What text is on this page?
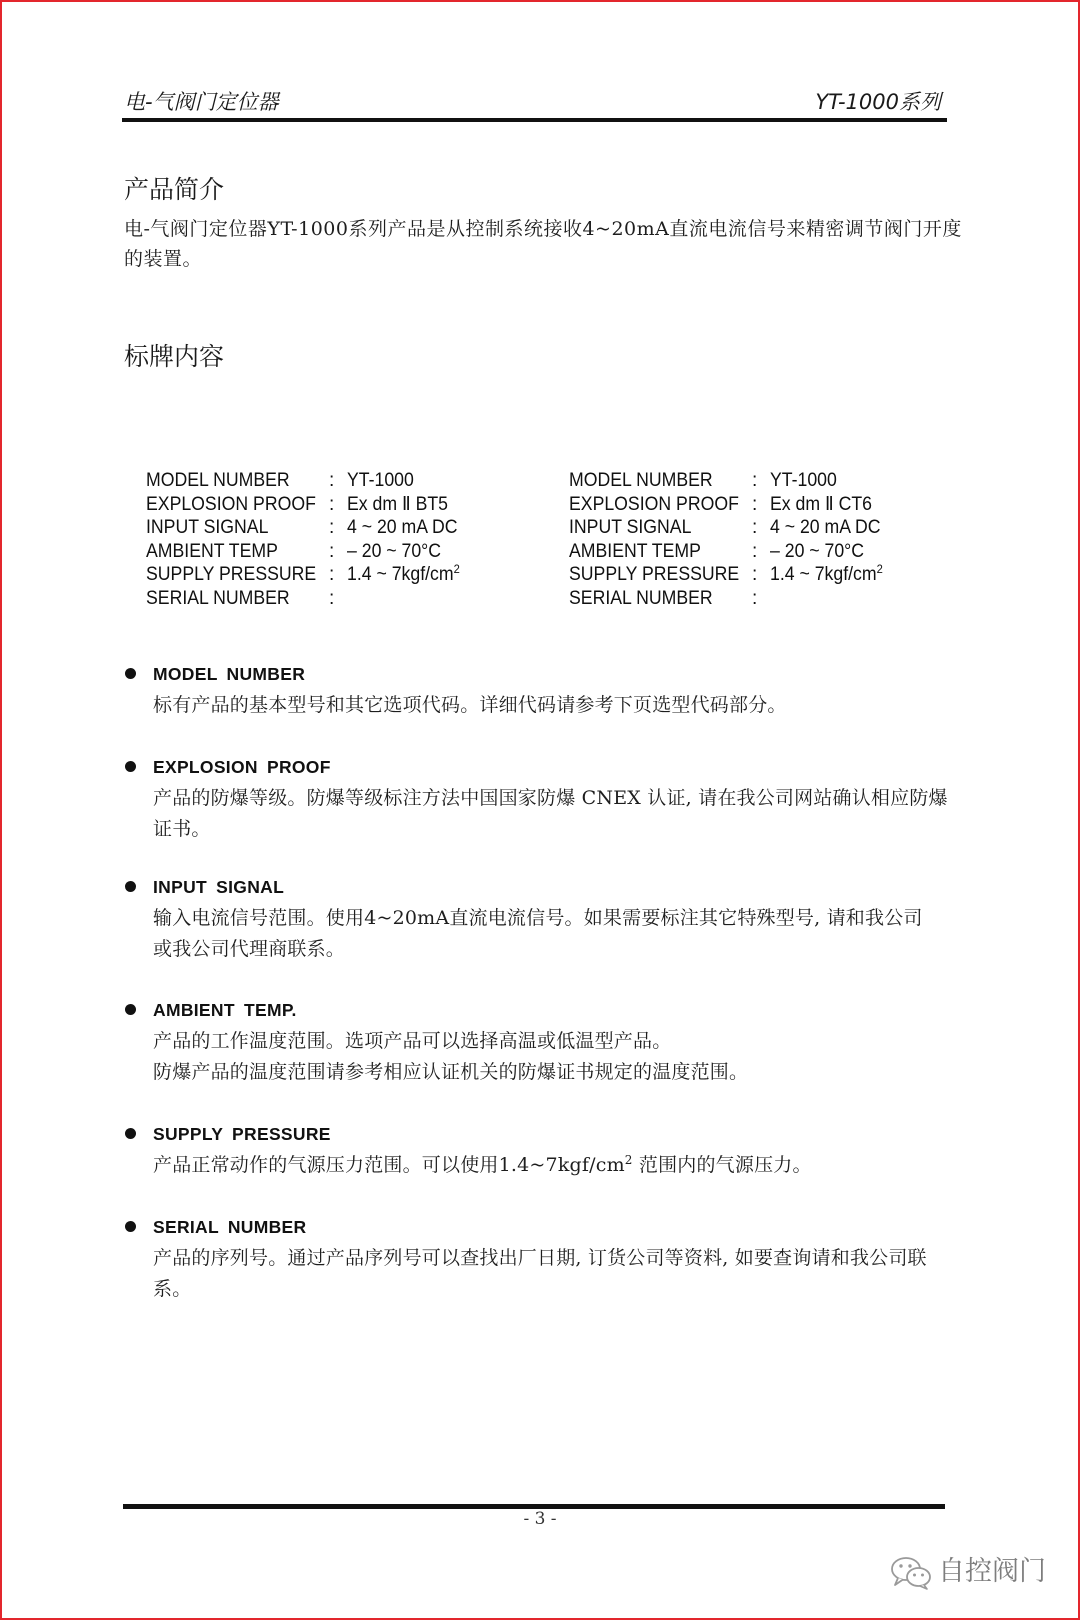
电-气阀门定位器	YT-1000系列
产品简介
电-气阀门定位器YT-1000系列产品是从控制系统接收4~20mA直流电流信号来精密调节阀门开度
的装置。
标牌内容
MODEL NUMBER : YT-1000
EXPLOSION PROOF : Ex dm Ⅱ BT5
INPUT SIGNAL	: 4 ~ 20 mA DC
AMBIENT TEMP	: – 20 ~ 70°C
SUPPLY PRESSURE : 1.4 ~ $7kgf/cm^2$
SERIAL NUMBER :
MODEL NUMBER : YT-1000
EXPLOSION PROOF : Ex dm Ⅱ CT6
INPUT SIGNAL	: 4 ~ 20 mA DC
AMBIENT TEMP	: – 20 ~ 70°C
SUPPLY PRESSURE : 1.4 ~ $7kgf/cm^2$
SERIAL NUMBER :
MODEL NUMBER
标有产品的基本型号和其它选项代码。详细代码请参考下页选型代码部分。
EXPLOSION PROOF
产品的防爆等级。防爆等级标注方法中国国家防爆 CNEX 认证, 请在我公司网站确认相应防爆
证书。
INPUT SIGNAL
输入电流信号范围。使用4~20mA直流电流信号。如果需要标注其它特殊型号, 请和我公司
或我公司代理商联系。
AMBIENT TEMP.
产品的工作温度范围。选项产品可以选择高温或低温型产品。
防爆产品的温度范围请参考相应认证机关的防爆证书规定的温度范围。
SUPPLY PRESSURE
产品正常动作的气源压力范围。可以使用$1.4\sim 7kgf/cm^2$ 范围内的气源压力。
SERIAL NUMBER
产品的序列号。通过产品序列号可以查找出厂日期, 订货公司等资料, 如要查询请和我公司联
系。
- 3 -
自控阀门
